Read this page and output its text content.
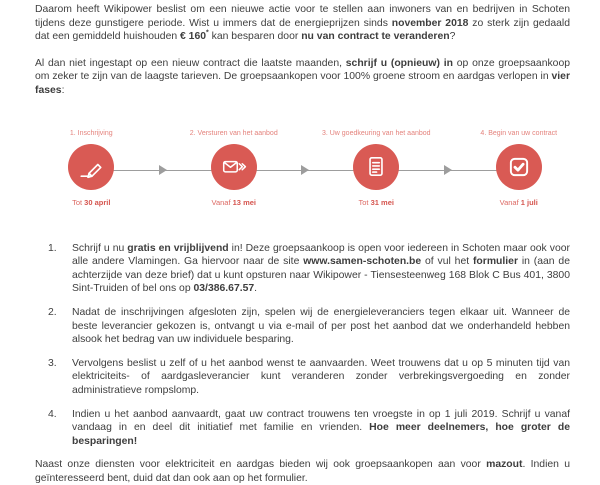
Daarom heeft Wikipower beslist om een nieuwe actie voor te stellen aan inwoners van en bedrijven in Schoten tijdens deze gunstigere periode. Wist u immers dat de energieprijzen sinds november 2018 zo sterk zijn gedaald dat een gemiddeld huishouden € 160* kan besparen door nu van contract te veranderen?

Al dan niet ingestapt op een nieuw contract die laatste maanden, schrijf u (opnieuw) in op onze groepsaankoop om zeker te zijn van de laagste tarieven. De groepsaankopen voor 100% groene stroom en aardgas verlopen in vier fases:

1. Inschrijving
Tot 30 april
2. Versturen van het aanbod
Vanaf 13 mei
3. Uw goedkeuring van het aanbod
Tot 31 mei
4. Begin van uw contract
Vanaf 1 juli
1.	Schrijf u nu gratis en vrijblijvend in! Deze groepsaankoop is open voor iedereen in Schoten maar ook voor alle andere Vlamingen. Ga hiervoor naar de site www.samen-schoten.be of vul het formulier in (aan de achterzijde van deze brief) dat u kunt opsturen naar Wikipower - Tiensesteenweg 168 Blok C Bus 401, 3800 Sint-Truiden of bel ons op 03/386.67.57.
2.	Nadat de inschrijvingen afgesloten zijn, spelen wij de energieleveranciers tegen elkaar uit. Wanneer de beste leverancier gekozen is, ontvangt u via e-mail of per post het aanbod dat we onderhandeld hebben alsook het bedrag van uw individuele besparing.
3.	Vervolgens beslist u zelf of u het aanbod wenst te aanvaarden. Weet trouwens dat u op 5 minuten tijd van elektriciteits- of aardgasleverancier kunt veranderen zonder verbrekingsvergoeding en zonder administratieve rompslomp.
4.	Indien u het aanbod aanvaardt, gaat uw contract trouwens ten vroegste in op 1 juli 2019. Schrijf u vanaf vandaag in en deel dit initiatief met familie en vrienden. Hoe meer deelnemers, hoe groter de besparingen!

Naast onze diensten voor elektriciteit en aardgas bieden wij ook groepsaankopen aan voor mazout. Indien u

geïnteresseerd bent, duid dat dan ook aan op het formulier.
